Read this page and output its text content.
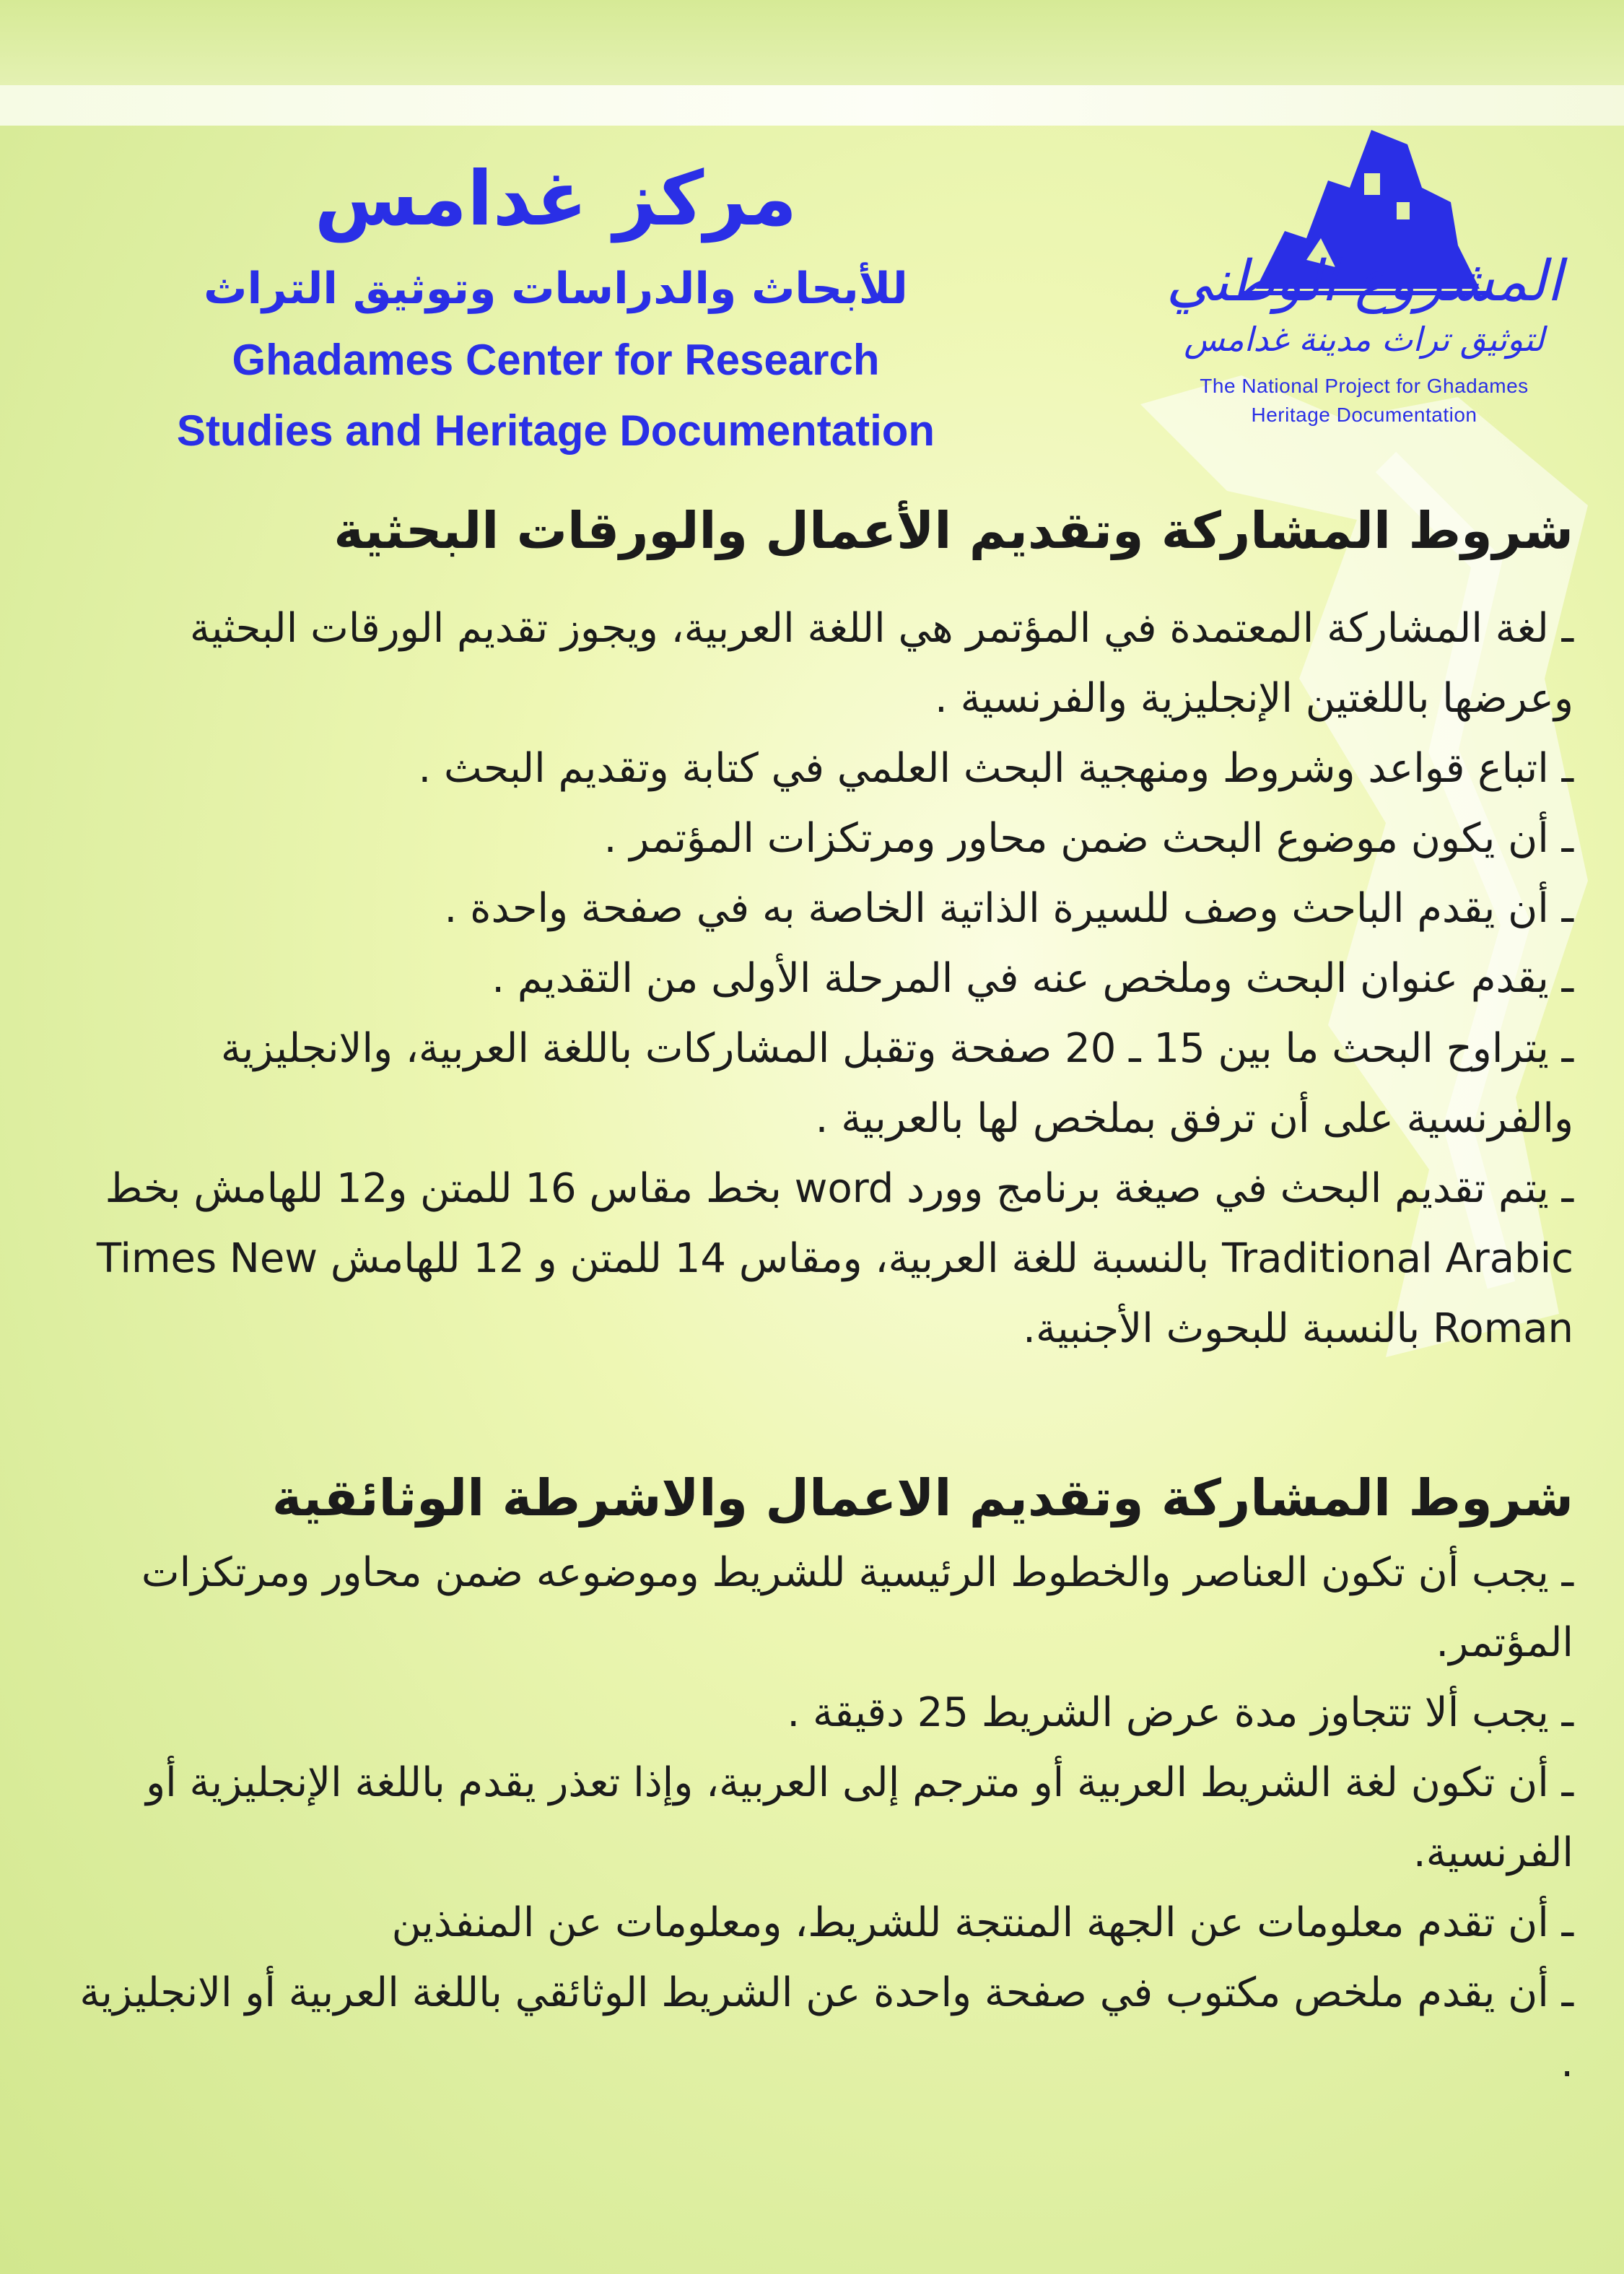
مركز غدامس
للأبحاث والدراسات وتوثيق التراث
Ghadames Center for Research
Studies and Heritage Documentation
المشروع الوطني
لتوثيق تراث مدينة غدامس
The National Project for Ghadames
Heritage Documentation
شروط المشاركة وتقديم الأعمال والورقات البحثية
ـ لغة المشاركة المعتمدة في المؤتمر هي اللغة العربية، ويجوز تقديم الورقات البحثية وعرضها باللغتين الإنجليزية والفرنسية .
ـ اتباع قواعد وشروط ومنهجية البحث العلمي في كتابة وتقديم البحث .
ـ أن يكون موضوع البحث ضمن محاور ومرتكزات المؤتمر .
ـ أن يقدم الباحث وصف للسيرة الذاتية الخاصة به في صفحة واحدة .
ـ يقدم عنوان البحث وملخص عنه في المرحلة الأولى من التقديم .
ـ يتراوح البحث ما بين 15 ـ 20 صفحة وتقبل المشاركات باللغة العربية، والانجليزية والفرنسية على أن ترفق بملخص لها بالعربية .
ـ يتم تقديم البحث في صيغة برنامج وورد word بخط مقاس 16 للمتن و12 للهامش بخط Traditional Arabic بالنسبة للغة العربية، ومقاس 14 للمتن و 12 للهامش Times New Roman بالنسبة للبحوث الأجنبية.
شروط المشاركة وتقديم الاعمال والاشرطة الوثائقية
ـ يجب أن تكون العناصر والخطوط الرئيسية للشريط وموضوعه ضمن محاور ومرتكزات المؤتمر.
ـ يجب ألا تتجاوز مدة عرض الشريط 25 دقيقة .
ـ أن تكون لغة الشريط العربية أو مترجم إلى العربية، وإذا تعذر يقدم باللغة الإنجليزية أو الفرنسية.
ـ أن تقدم معلومات عن الجهة المنتجة للشريط، ومعلومات عن المنفذين
ـ أن يقدم ملخص مكتوب في صفحة واحدة عن الشريط الوثائقي باللغة العربية أو الانجليزية .
